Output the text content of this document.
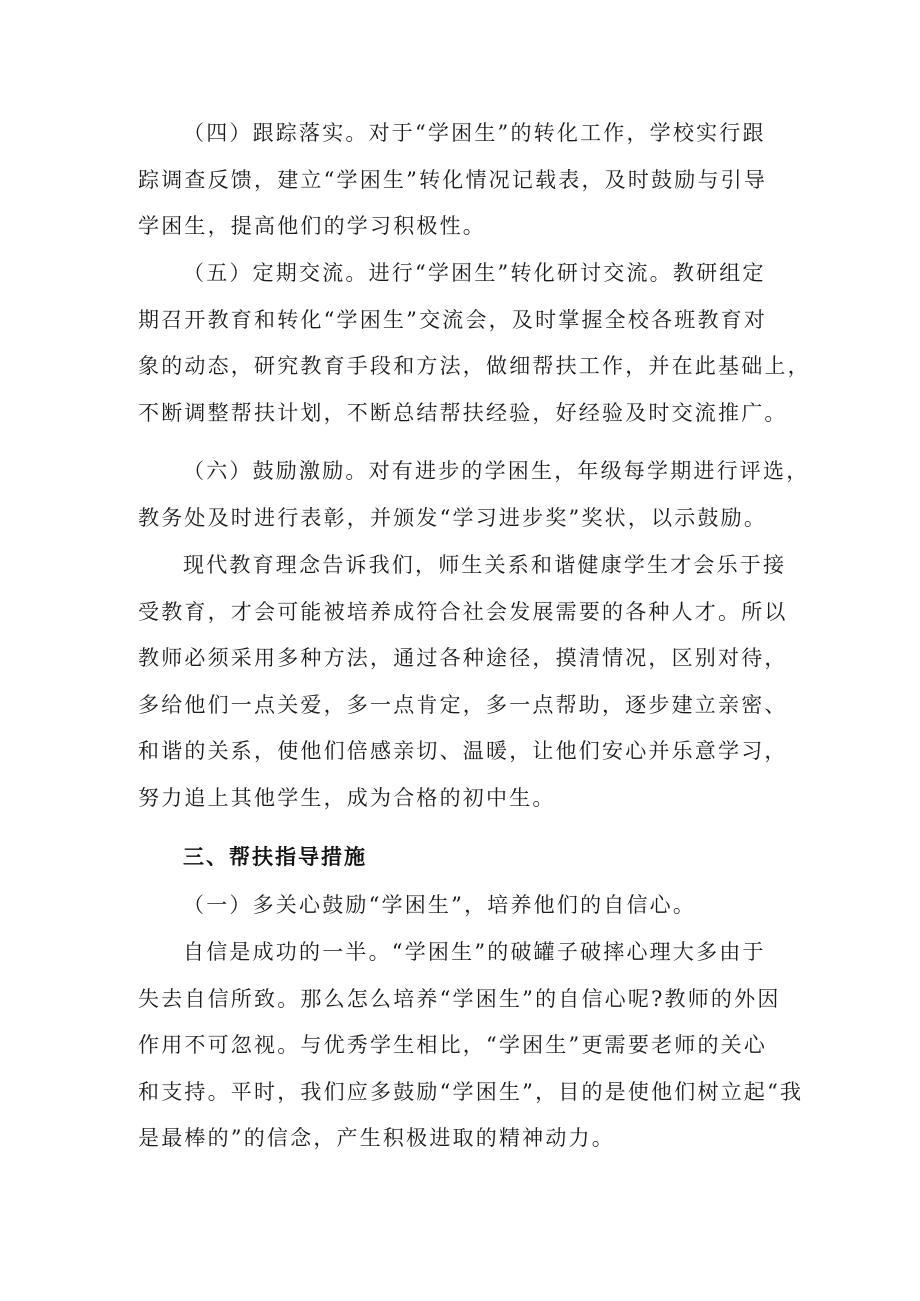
（四）跟踪落实。对于“学困生”的转化工作，学校实行跟
踪调查反馈，建立“学困生”转化情况记载表，及时鼓励与引导
学困生，提高他们的学习积极性。

（五）定期交流。进行“学困生”转化研讨交流。教研组定
期召开教育和转化“学困生”交流会，及时掌握全校各班教育对
象的动态，研究教育手段和方法，做细帮扶工作，并在此基础上，
不断调整帮扶计划，不断总结帮扶经验，好经验及时交流推广。

（六）鼓励激励。对有进步的学困生，年级每学期进行评选，
教务处及时进行表彰，并颁发“学习进步奖”奖状，以示鼓励。

现代教育理念告诉我们，师生关系和谐健康学生才会乐于接
受教育，才会可能被培养成符合社会发展需要的各种人才。所以
教师必须采用多种方法，通过各种途径，摸清情况，区别对待，
多给他们一点关爱，多一点肯定，多一点帮助，逐步建立亲密、
和谐的关系，使他们倍感亲切、温暖，让他们安心并乐意学习，
努力追上其他学生，成为合格的初中生。

三、帮扶指导措施

（一）多关心鼓励“学困生”，培养他们的自信心。

自信是成功的一半。“学困生”的破罐子破摔心理大多由于
失去自信所致。那么怎么培养“学困生”的自信心呢?教师的外因
作用不可忽视。与优秀学生相比，“学困生”更需要老师的关心
和支持。平时，我们应多鼓励“学困生”，目的是使他们树立起“我
是最棒的”的信念，产生积极进取的精神动力。
